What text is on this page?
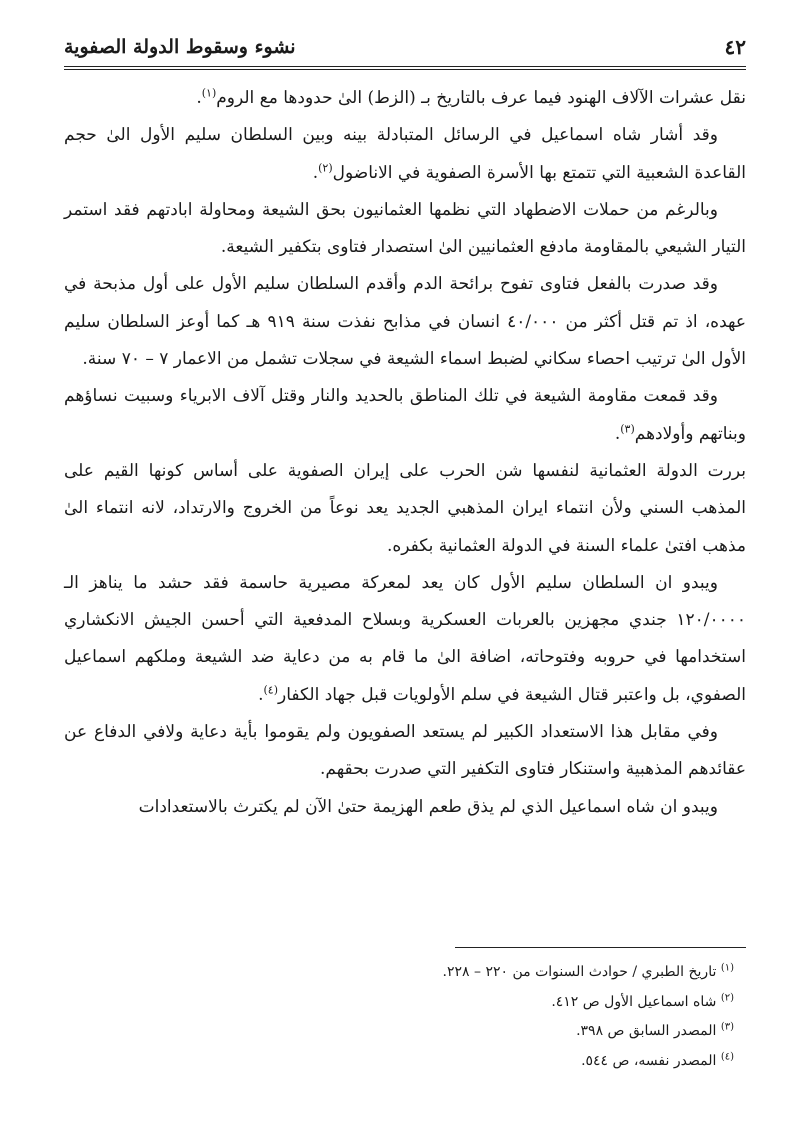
٤٢
نشوء وسقوط الدولة الصفوية

نقل عشرات الآلاف الهنود فيما عرف بالتاريخ بـ (الزط) الىٰ حدودها مع الروم$^{(١)}$.

وقد أشار شاه اسماعيل في الرسائل المتبادلة بينه وبين السلطان سليم الأول الىٰ حجم القاعدة الشعبية التي تتمتع بها الأسرة الصفوية في الاناضول$^{(٢)}$.

وبالرغم من حملات الاضطهاد التي نظمها العثمانيون بحق الشيعة ومحاولة ابادتهم فقد استمر التيار الشيعي بالمقاومة مادفع العثمانيين الىٰ استصدار فتاوى بتكفير الشيعة.

وقد صدرت بالفعل فتاوى تفوح برائحة الدم وأقدم السلطان سليم الأول على أول مذبحة في عهده، اذ تم قتل أكثر من ٤٠/٠٠٠ انسان في مذابح نفذت سنة ٩١٩ هـ كما أوعز السلطان سليم الأول الىٰ ترتيب احصاء سكاني لضبط اسماء الشيعة في سجلات تشمل من الاعمار ٧ – ٧٠ سنة.

وقد قمعت مقاومة الشيعة في تلك المناطق بالحديد والنار وقتل آلاف الابرياء وسبيت نساؤهم وبناتهم وأولادهم$^{(٣)}$.

بررت الدولة العثمانية لنفسها شن الحرب على إيران الصفوية على أساس كونها القيم على المذهب السني ولأن انتماء ايران المذهبي الجديد يعد نوعاً من الخروج والارتداد، لانه انتماء الىٰ مذهب افتىٰ علماء السنة في الدولة العثمانية بكفره.

ويبدو ان السلطان سليم الأول كان يعد لمعركة مصيرية حاسمة فقد حشد ما يناهز الـ ١٢٠/٠٠٠٠ جندي مجهزين بالعربات العسكرية وبسلاح المدفعية التي أحسن الجيش الانكشاري استخدامها في حروبه وفتوحاته، اضافة الىٰ ما قام به من دعاية ضد الشيعة وملكهم اسماعيل الصفوي، بل واعتبر قتال الشيعة في سلم الأولويات قبل جهاد الكفار$^{(٤)}$.

وفي مقابل هذا الاستعداد الكبير لم يستعد الصفويون ولم يقوموا بأية دعاية ولافي الدفاع عن عقائدهم المذهبية واستنكار فتاوى التكفير التي صدرت بحقهم.

ويبدو ان شاه اسماعيل الذي لم يذق طعم الهزيمة حتىٰ الآن لم يكترث بالاستعدادات

$^{(١)}$ تاريخ الطبري / حوادث السنوات من ٢٢٠ – ٢٢٨.

$^{(٢)}$ شاه اسماعيل الأول ص ٤١٢.

$^{(٣)}$ المصدر السابق ص ٣٩٨.

$^{(٤)}$ المصدر نفسه، ص ٥٤٤.
